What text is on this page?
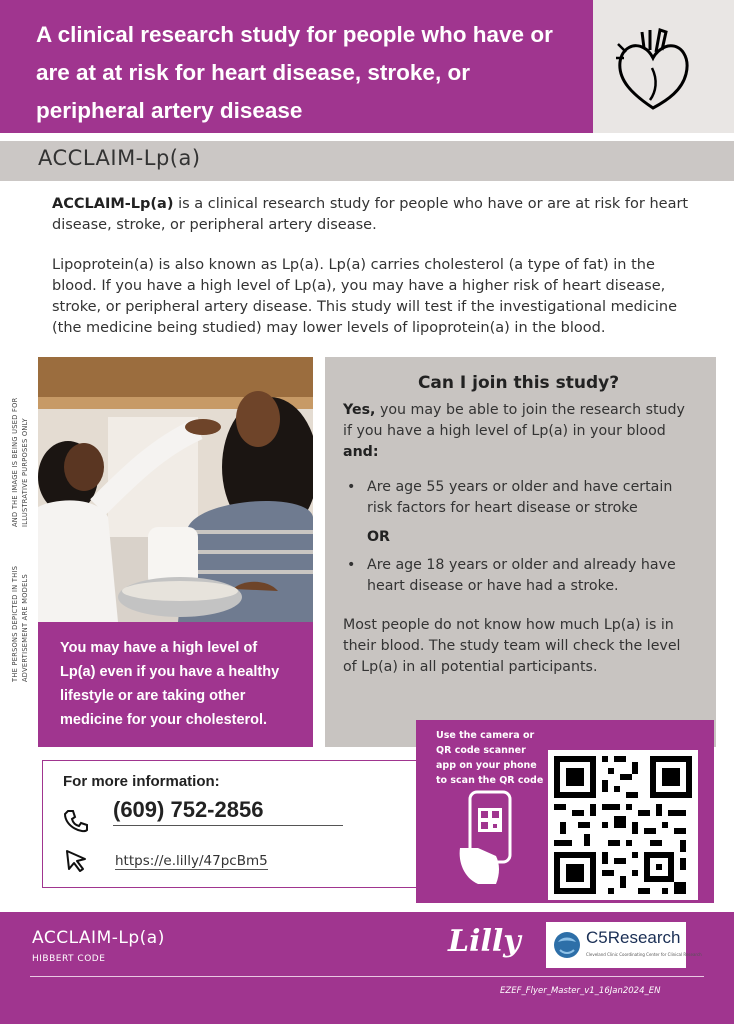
A clinical research study for people who have or are at at risk for heart disease, stroke, or peripheral artery disease
ACCLAIM-Lp(a)

ACCLAIM-Lp(a) is a clinical research study for people who have or are at risk for heart disease, stroke, or peripheral artery disease.

Lipoprotein(a) is also known as Lp(a). Lp(a) carries cholesterol (a type of fat) in the blood. If you have a high level of Lp(a), you may have a higher risk of heart disease, stroke, or peripheral artery disease. This study will test if the investigational medicine (the medicine being studied) may lower levels of lipoprotein(a) in the blood.

THE PERSONS DEPICTED IN THIS ADVERTISEMENT ARE MODELS
AND THE IMAGE IS BEING USED FOR ILLUSTRATIVE PURPOSES ONLY
You may have a high level of Lp(a) even if you have a healthy lifestyle or are taking other medicine for your cholesterol.
Can I join this study?

Yes, you may be able to join the research study if you have a high level of Lp(a) in your blood and:

• Are age 55 years or older and have certain risk factors for heart disease or stroke
OR
• Are age 18 years or older and already have heart disease or have had a stroke.

Most people do not know how much Lp(a) is in their blood. The study team will check the level of Lp(a) in all potential participants.

For more information:
(609) 752-2856
https://e.lilly/47pcBm5
Use the camera or QR code scanner app on your phone to scan the QR code
ACCLAIM-Lp(a)
HIBBERT CODE	Lilly	C5Research
Cleveland Clinic Coordinating Center for Clinical Research
EZEF_Flyer_Master_v1_16Jan2024_EN
